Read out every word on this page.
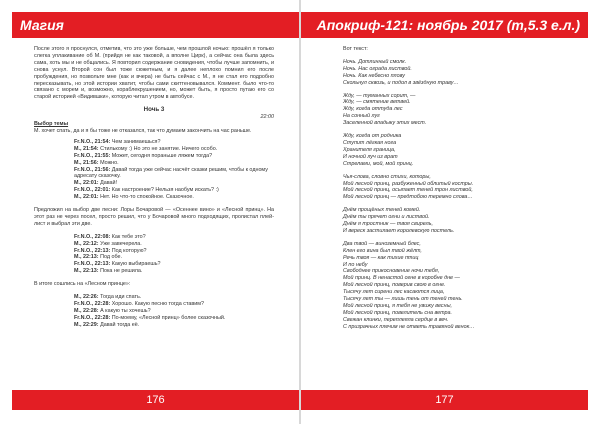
Магия

После этого я проснулся, отметив, что это уже больше, чем прошлой ночью: прошёл я только слегка уплакивание об М. (прийдя не как таковой, а вполне Цирк), а сейчас она была здесь сама, хоть мы и не общались. Я повторил содержание сновидения, чтобы лучше запомнить, и снова уснул. Второй сон был тоже сюжетным, и я далее неплохо помнил его после пробуждения, но позвольте мне (как и вчера) не быть сейчас с М., я не стал его подробно пересказывать, но этой истории хватит, чтобы сами скиттеновывался. Коммент. было что-то связано с морем и, возможно, кораблекрушением, но, может быть, я просто путаю его со старой историей «Видившки», которую читал утром в автобусе.

Ночь 3
22:00
Выбор темы

М. хочет спать, да и я бы тоже не отказался, так что думаем закончить на час раньше.

Fr.N.O., 21:54: Чем занимаешься?
М., 21:54: Стилькому :) Но это не занятие. Ничего особо.
Fr.N.O., 21:55: Может, сегодня пораньше ляжем тогда?
М., 21:56: Можно.
Fr.N.O., 21:56: Давай тогда уже сейчас насчёт сказки решим, чтобы к одному адресату сказочку.
М., 22:01: Давай!
Fr.N.O., 22:01: Как настроение? Нельзя наобум искать? :)
М., 22:01: Нет. Но что-то спокойное. Сказочное.

Предложил на выбор две песни: Лоры Бочаровой — «Осеннее вино» и «Лесной принц». На этот раз не через посел, просто решил, что у Бочаровой много подходящих, пролистал плей-лист и выбрал эти две.

Fr.N.O., 22:08: Как тебе это?
М., 22:12: Уже завечерела.
Fr.N.O., 22:13: Под которую?
М., 22:13: Под обе.
Fr.N.O., 22:13: Какую выбираешь?
М., 22:13: Пока не решила.

В итоге сошлись на «Лесном принце»:

М., 22:26: Тогда иди спать.
Fr.N.O., 22:28: Хорошо. Какую песню тогда ставим?
М., 22:28: А какую ты хочешь?
Fr.N.O., 22:28: По-моему, «Лесной принц» более сказочный.
М., 22:29: Давай тогда её.
176
Апокриф-121: ноябрь 2017 (m,5.3 e.л.)

Вот текст:

Ночь. Дотлинный смолк.
Ночь. Нас ограда листвой.
Ночь. Как небесно плову
Скольнул сквозь, и подол в звёздную траву…
Жду, — туманных сорит, —
Жду, — смятение ветвей.
Жду, когда оттуда лес
На сонный луг
Заселенной владыку этих мест.
Жду, когда от родника
Ступит лёгкая нога
Хранителя граница,
И ночной луч из врат
Стрелами, мой, мой принц.
Чья-слова, словно стихи, которы,
Мой лесной принц, разбуженный облитый костры.
Мой лесной принц, осыпает теней трон листвой,
Мой лесной принц — предтобою теремно слова…
Днём прощёных теней комей.
Днём ты прячет огни и листвой.
Днём я тростник — твоя свирель,
И вереск застилает королевскую постель.
Два твой — виноземный блес,
Клен его вина был твой жёлт,
Речь твоя — как тихие птиц
И по небу
Свободнее прикосновение ночи тебя,
Мой принц. В ненастой огне в коробне дне —
Мой лесной принц, поверив свою в огне.
Тысячу лет сирени лес касаются лица,
Тысячу лет ты — лишь тень от теней тень.
Мой лесной принц, я тебя не увижу весны,
Мой лесной принц, повелитель сна ветра.
Свежан клинки, переплеяла сердце в веч.
С призрачных плечим не ответь травяной венок…
177
